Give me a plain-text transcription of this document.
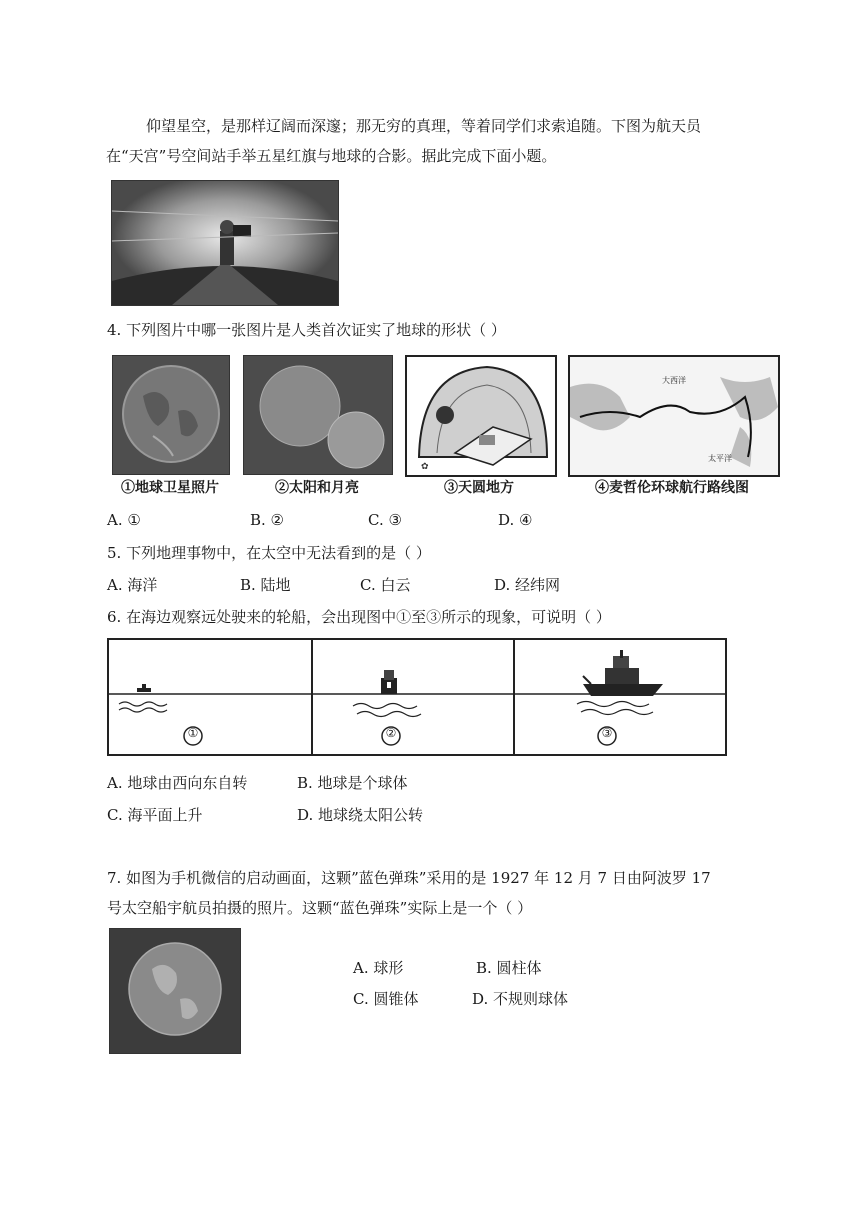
仰望星空，是那样辽阔而深邃；那无穷的真理，等着同学们求索追随。下图为航天员
在“天宫”号空间站手举五星红旗与地球的合影。据此完成下面小题。
4. 下列图片中哪一张图片是人类首次证实了地球的形状（ ）
✿
大西洋
太平洋
①地球卫星照片	②太阳和月亮	③天圆地方	④麦哲伦环球航行路线图
A. ①	B. ②	C. ③	D. ④
5. 下列地理事物中，在太空中无法看到的是（ ）
A. 海洋	B. 陆地	C. 白云	D. 经纬网
6. 在海边观察远处驶来的轮船，会出现图中①至③所示的现象，可说明（ ）
①	②	③
A. 地球由西向东自转	B. 地球是个球体
C. 海平面上升	D. 地球绕太阳公转
7. 如图为手机微信的启动画面，这颗”蓝色弹珠”采用的是 1927 年 12 月 7 日由阿波罗 17
号太空船宇航员拍摄的照片。这颗“蓝色弹珠”实际上是一个（ ）
A. 球形	B. 圆柱体
C. 圆锥体	D. 不规则球体
